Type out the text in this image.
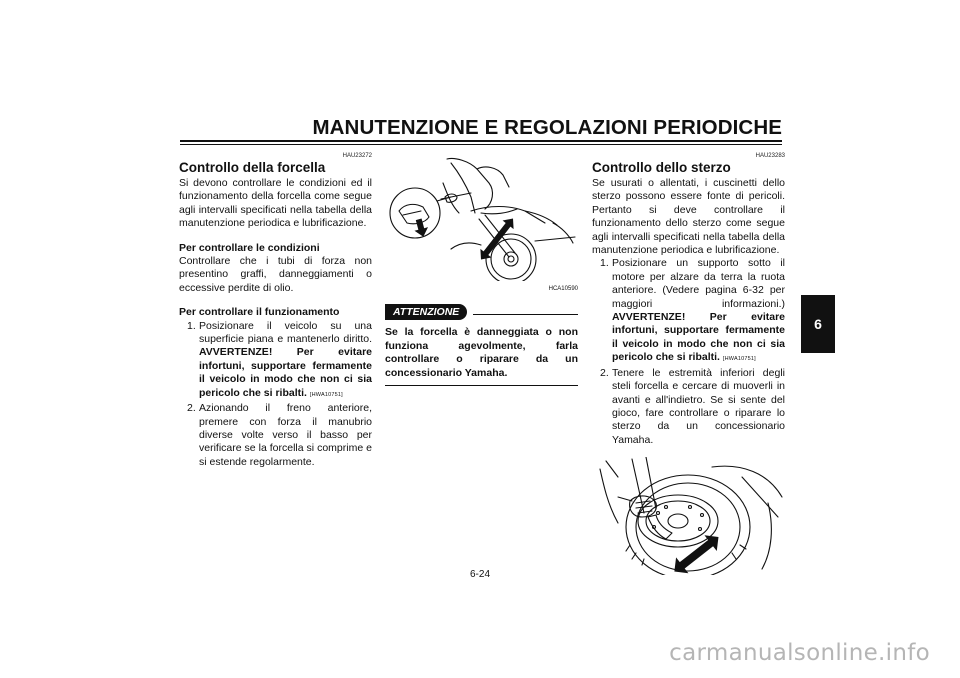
MANUTENZIONE E REGOLAZIONI PERIODICHE
6
HAU23272
Controllo della forcella

Si devono controllare le condizioni ed il funzionamento della forcella come segue agli intervalli specificati nella tabella della manutenzione periodica e lubrificazione.

Per controllare le condizioni

Controllare che i tubi di forza non presentino graffi, danneggiamenti o eccessive perdite di olio.

Per controllare il funzionamento
1. Posizionare il veicolo su una superficie piana e mantenerlo diritto. AVVERTENZE! Per evitare infortuni, supportare fermamente il veicolo in modo che non ci sia pericolo che si ribalti. [HWA10751]
2. Azionando il freno anteriore, premere con forza il manubrio diverse volte verso il basso per verificare se la forcella si comprime e si estende regolarmente.
HCA10590
ATTENZIONE
Se la forcella è danneggiata o non funziona agevolmente, farla controllare o riparare da un concessionario Yamaha.
HAU23283
Controllo dello sterzo

Se usurati o allentati, i cuscinetti dello sterzo possono essere fonte di pericoli. Pertanto si deve controllare il funzionamento dello sterzo come segue agli intervalli specificati nella tabella della manutenzione periodica e lubrificazione.

1. Posizionare un supporto sotto il motore per alzare da terra la ruota anteriore. (Vedere pagina 6-32 per maggiori informazioni.) AVVERTENZE! Per evitare infortuni, supportare fermamente il veicolo in modo che non ci sia pericolo che si ribalti. [HWA10751]
2. Tenere le estremità inferiori degli steli forcella e cercare di muoverli in avanti e all'indietro. Se si sente del gioco, fare controllare o riparare lo sterzo da un concessionario Yamaha.
6-24
carmanualsonline.info
